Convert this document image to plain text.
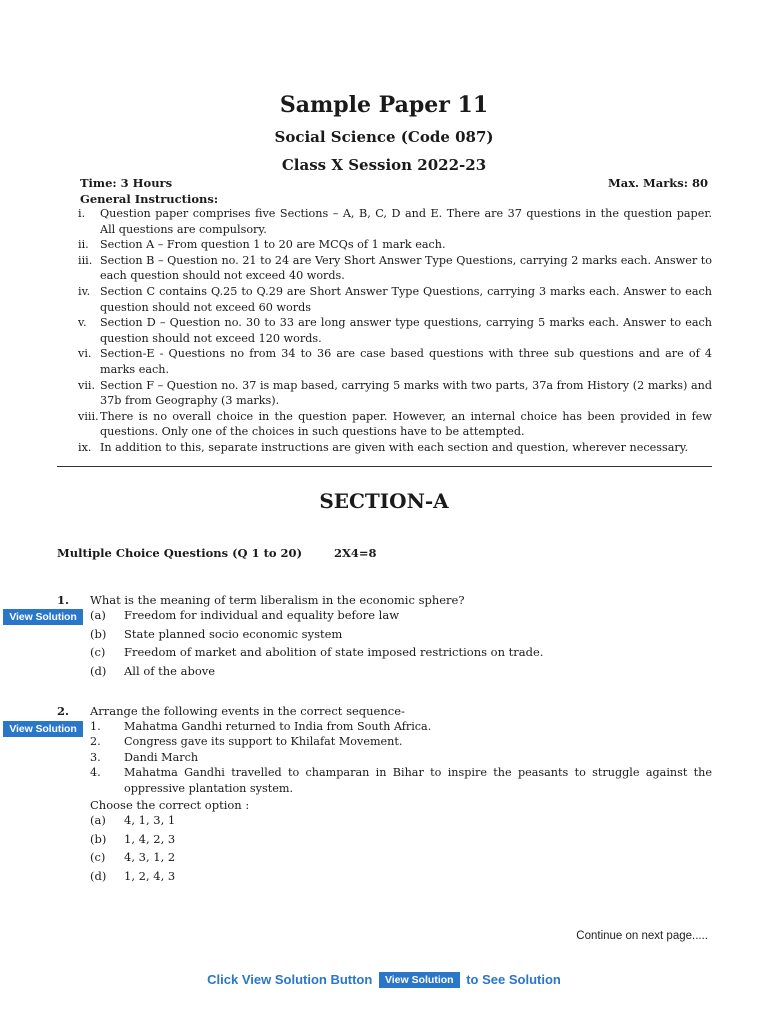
Sample Paper 11
Social Science (Code 087)
Class X Session 2022-23
Time: 3 Hours	Max. Marks: 80
General Instructions:
i.	Question paper comprises five Sections – A, B, C, D and E. There are 37 questions in the question paper. All questions are compulsory.
ii.	Section A – From question 1 to 20 are MCQs of 1 mark each.
iii. Section B – Question no. 21 to 24 are Very Short Answer Type Questions, carrying 2 marks each. Answer to each question should not exceed 40 words.
iv. Section C contains Q.25 to Q.29 are Short Answer Type Questions, carrying 3 marks each. Answer to each question should not exceed 60 words
v.	Section D – Question no. 30 to 33 are long answer type questions, carrying 5 marks each. Answer to each question should not exceed 120 words.
vi. Section-E - Questions no from 34 to 36 are case based questions with three sub questions and are of 4 marks each.
vii. Section F – Question no. 37 is map based, carrying 5 marks with two parts, 37a from History (2 marks) and 37b from Geography (3 marks).
viii. There is no overall choice in the question paper. However, an internal choice has been provided in few questions. Only one of the choices in such questions have to be attempted.
ix. In addition to this, separate instructions are given with each section and question, wherever necessary.
SECTION-A
Multiple Choice Questions (Q 1 to 20)	2X4=8
1. What is the meaning of term liberalism in the economic sphere?
View Solution	(a)	Freedom for individual and equality before law
(b)	State planned socio economic system
(c)	Freedom of market and abolition of state imposed restrictions on trade.
(d)	All of the above
2. Arrange the following events in the correct sequence-
View Solution	1.	Mahatma Gandhi returned to India from South Africa.
2.	Congress gave its support to Khilafat Movement.
3.	Dandi March
4.	Mahatma Gandhi travelled to champaran in Bihar to inspire the peasants to struggle against the oppressive plantation system.
Choose the correct option :
(a)	4, 1, 3, 1
(b)	1, 4, 2, 3
(c)	4, 3, 1, 2
(d)	1, 2, 4, 3
Continue on next page.....
Click View Solution Button View Solution to See Solution
